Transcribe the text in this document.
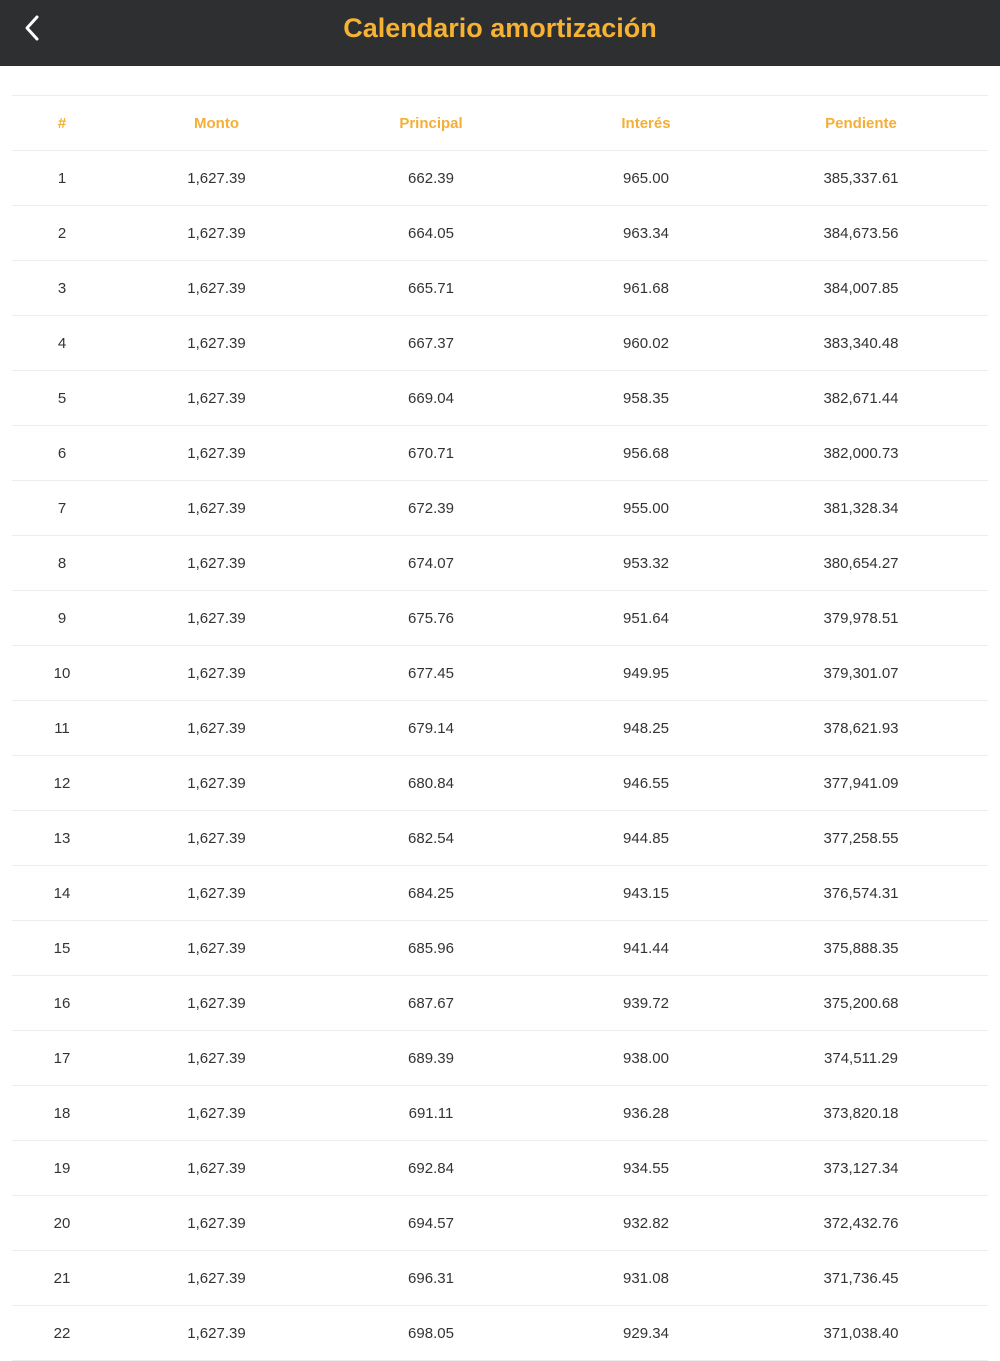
Calendario amortización
#	Monto	Principal	Interés	Pendiente
1	1,627.39	662.39	965.00	385,337.61
2	1,627.39	664.05	963.34	384,673.56
3	1,627.39	665.71	961.68	384,007.85
4	1,627.39	667.37	960.02	383,340.48
5	1,627.39	669.04	958.35	382,671.44
6	1,627.39	670.71	956.68	382,000.73
7	1,627.39	672.39	955.00	381,328.34
8	1,627.39	674.07	953.32	380,654.27
9	1,627.39	675.76	951.64	379,978.51
10	1,627.39	677.45	949.95	379,301.07
11	1,627.39	679.14	948.25	378,621.93
12	1,627.39	680.84	946.55	377,941.09
13	1,627.39	682.54	944.85	377,258.55
14	1,627.39	684.25	943.15	376,574.31
15	1,627.39	685.96	941.44	375,888.35
16	1,627.39	687.67	939.72	375,200.68
17	1,627.39	689.39	938.00	374,511.29
18	1,627.39	691.11	936.28	373,820.18
19	1,627.39	692.84	934.55	373,127.34
20	1,627.39	694.57	932.82	372,432.76
21	1,627.39	696.31	931.08	371,736.45
22	1,627.39	698.05	929.34	371,038.40
